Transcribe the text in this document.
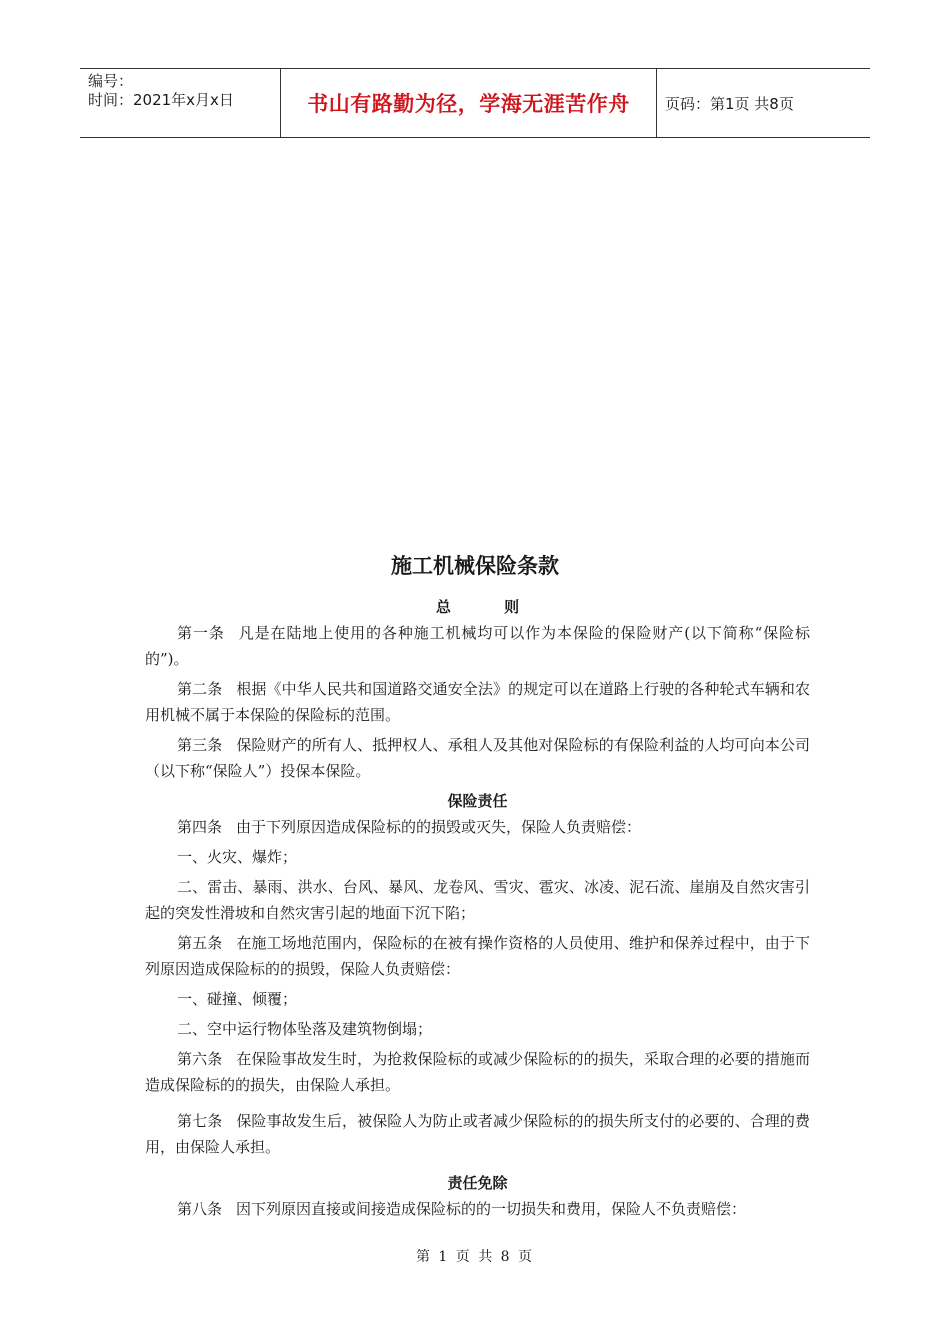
编号：
时间：2021年x月x日	书山有路勤为径，学海无涯苦作舟	页码：第1页 共8页
施工机械保险条款

总 则

第一条 凡是在陆地上使用的各种施工机械均可以作为本保险的保险财产(以下简称“保险标的”)。

第二条 根据《中华人民共和国道路交通安全法》的规定可以在道路上行驶的各种轮式车辆和农用机械不属于本保险的保险标的范围。

第三条 保险财产的所有人、抵押权人、承租人及其他对保险标的有保险利益的人均可向本公司（以下称“保险人”）投保本保险。

保险责任

第四条 由于下列原因造成保险标的的损毁或灭失，保险人负责赔偿：

一、火灾、爆炸；

二、雷击、暴雨、洪水、台风、暴风、龙卷风、雪灾、雹灾、冰凌、泥石流、崖崩及自然灾害引起的突发性滑坡和自然灾害引起的地面下沉下陷；

第五条 在施工场地范围内，保险标的在被有操作资格的人员使用、维护和保养过程中，由于下列原因造成保险标的的损毁，保险人负责赔偿：

一、碰撞、倾覆；

二、空中运行物体坠落及建筑物倒塌；

第六条 在保险事故发生时，为抢救保险标的或减少保险标的的损失，采取合理的必要的措施而造成保险标的的损失，由保险人承担。

第七条 保险事故发生后，被保险人为防止或者减少保险标的的损失所支付的必要的、合理的费用，由保险人承担。

责任免除

第八条 因下列原因直接或间接造成保险标的的一切损失和费用，保险人不负责赔偿：

第 1 页 共 8 页
